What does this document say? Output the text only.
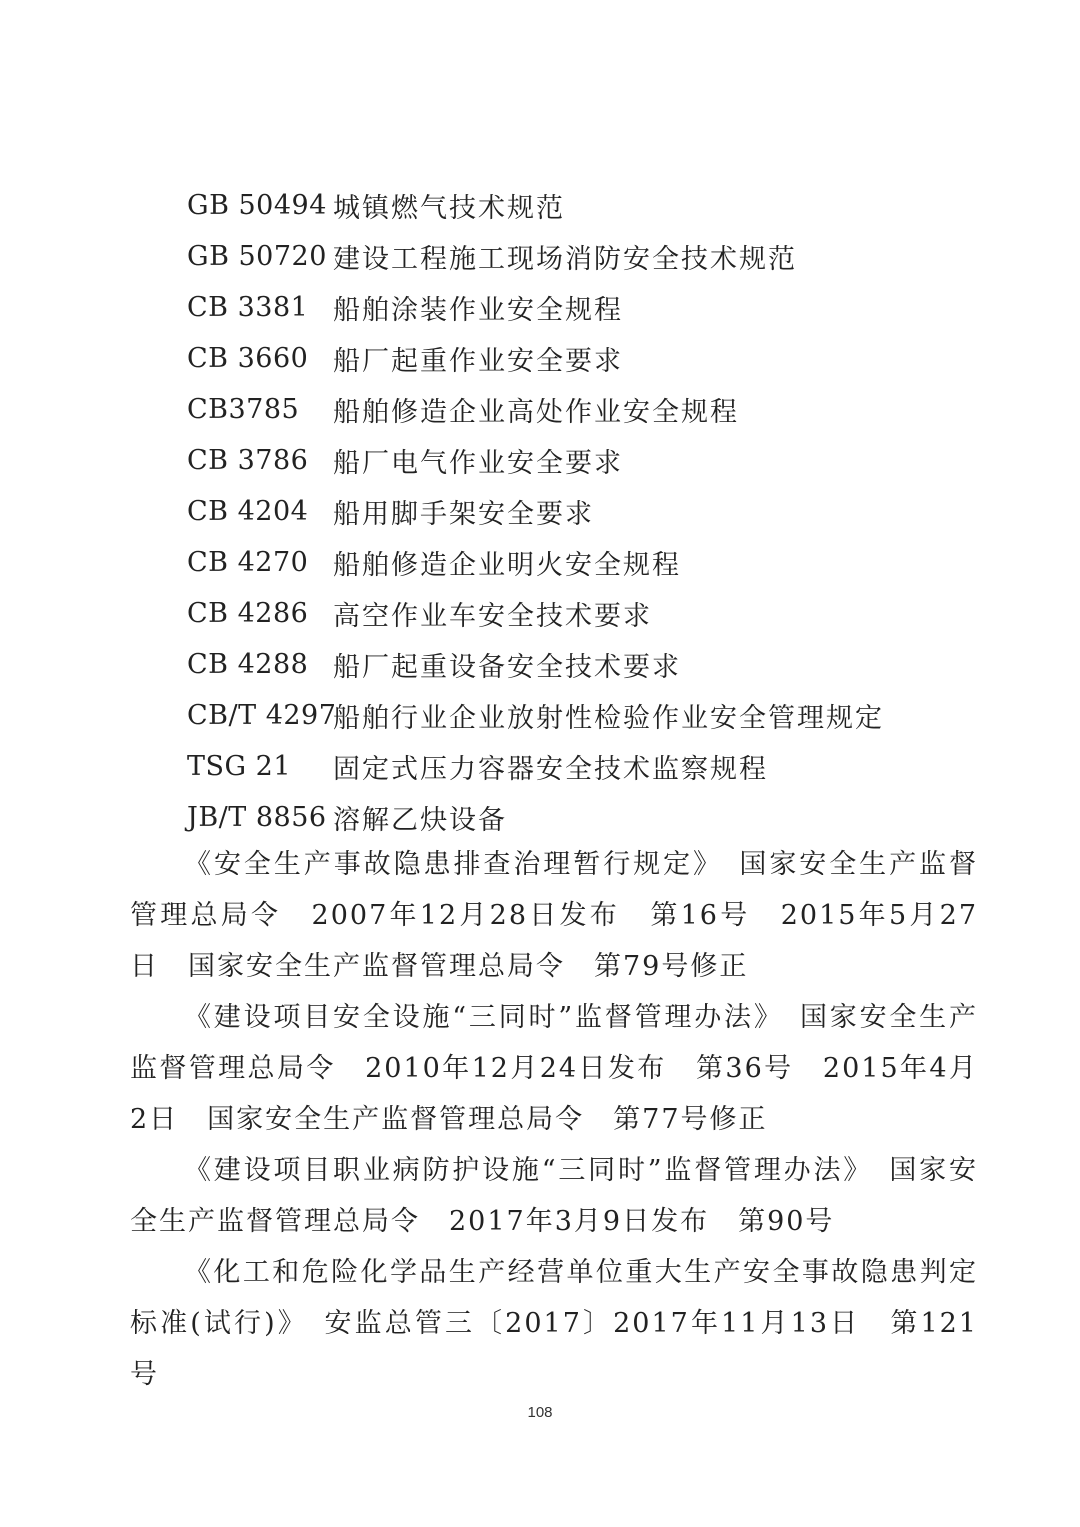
GB 50494 城镇燃气技术规范
GB 50720 建设工程施工现场消防安全技术规范
CB 3381 船舶涂装作业安全规程
CB 3660 船厂起重作业安全要求
CB3785	船舶修造企业高处作业安全规程
CB 3786 船厂电气作业安全要求
CB 4204 船用脚手架安全要求
CB 4270 船舶修造企业明火安全规程
CB 4286 高空作业车安全技术要求
CB 4288 船厂起重设备安全技术要求
CB/T 4297
船舶行业企业放射性检验作业安全管理规定
TSG 21	固定式压力容器安全技术监察规程
JB/T 8856 溶解乙炔设备

《安全生产事故隐患排查治理暂行规定》　国家安全生产监督管理总局令　2007年12月28日发布　第16号　2015年5月27日　国家安全生产监督管理总局令　第79号修正

《建设项目安全设施“三同时”监督管理办法》　国家安全生产监督管理总局令　2010年12月24日发布　第36号　2015年4月2日　国家安全生产监督管理总局令　第77号修正

《建设项目职业病防护设施“三同时”监督管理办法》　国家安全生产监督管理总局令　2017年3月9日发布　第90号

《化工和危险化学品生产经营单位重大生产安全事故隐患判定标准(试行)》　安监总管三〔2017〕2017年11月13日　第121号

108
